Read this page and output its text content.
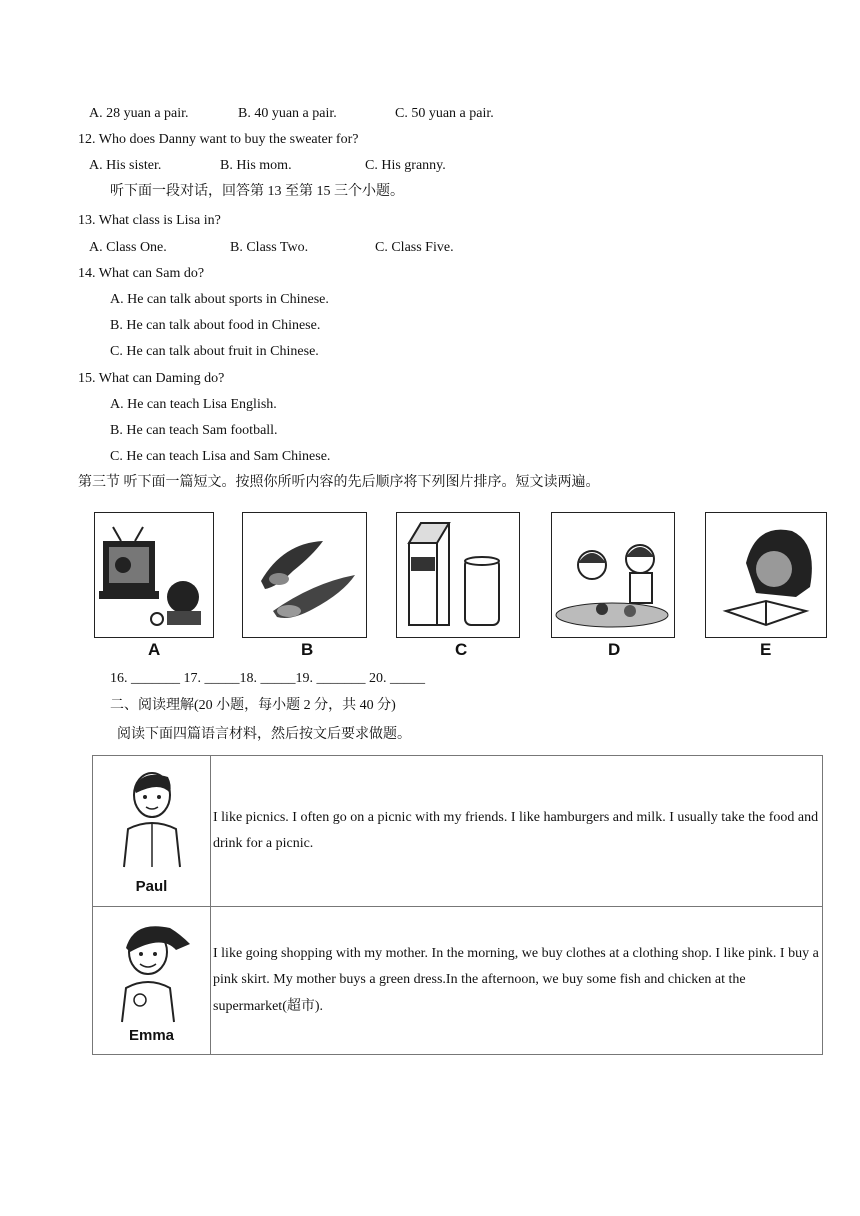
A. 28 yuan a pair.	B. 40 yuan a pair.	C. 50 yuan a pair.
12. Who does Danny want to buy the sweater for?
A. His sister.	B. His mom.	C. His granny.
听下面一段对话，回答第 13 至第 15 三个小题。
13. What class is Lisa in?
A. Class One.	B. Class Two.	C. Class Five.
14. What can Sam do?
A. He can talk about sports in Chinese.
B. He can talk about food in Chinese.
C. He can talk about fruit in Chinese.
15. What can Daming do?
A. He can teach Lisa English.
B. He can teach Sam football.
C. He can teach Lisa and Sam Chinese.
第三节 听下面一篇短文。按照你所听内容的先后顺序将下列图片排序。短文读两遍。
A	B	C	D	E
16. _______ 17. _____18. _____19. _______ 20. _____
二、阅读理解(20 小题，每小题 2 分，共 40 分)
阅读下面四篇语言材料，然后按文后要求做题。
Paul	I like picnics. I often go on a picnic with my friends. I like hamburgers and milk. I usually take the food and drink for a picnic.

Emma	I like going shopping with my mother. In the morning, we buy clothes at a clothing shop. I like pink. I buy a pink skirt. My mother buys a green dress.In the afternoon, we buy some fish and chicken at the supermarket(超市).
